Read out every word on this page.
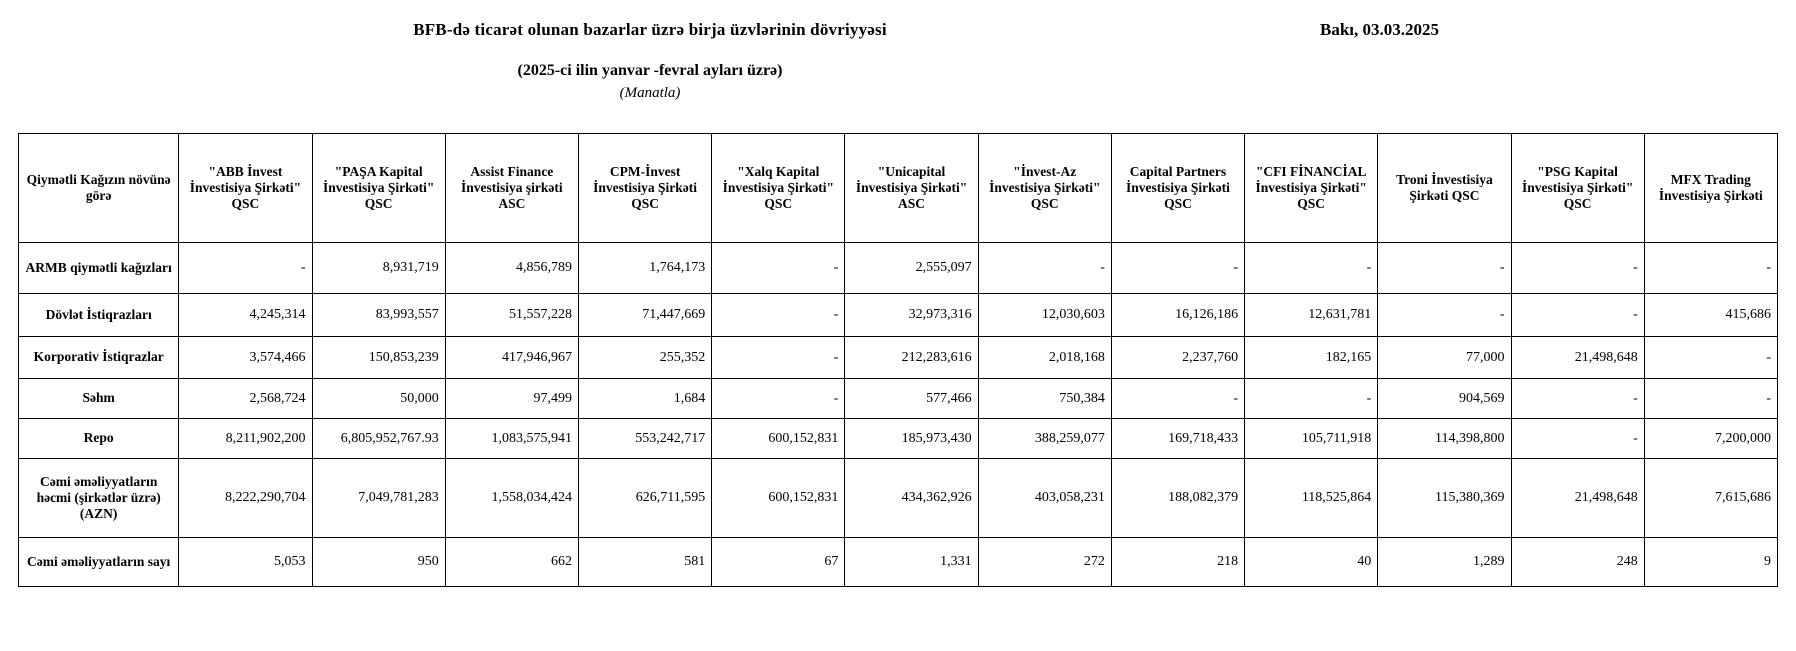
BFB-də ticarət olunan bazarlar üzrə birja üzvlərinin dövriyyəsi	Bakı, 03.03.2025
(2025-ci ilin yanvar -fevral ayları üzrə)
(Manatla)
Qiymətli Kağızın növünə görə	"ABB İnvest İnvestisiya Şirkəti" QSC	"PAŞA Kapital İnvestisiya Şirkəti" QSC	Assist Finance İnvestisiya şirkəti ASC	CPM-İnvest İnvestisiya Şirkəti QSC	"Xalq Kapital İnvestisiya Şirkəti" QSC	"Unicapital İnvestisiya Şirkəti" ASC	"İnvest-Az İnvestisiya Şirkəti" QSC	Capital Partners İnvestisiya Şirkəti QSC	"CFI FİNANCİAL İnvestisiya Şirkəti" QSC	Troni İnvestisiya Şirkəti QSC	"PSG Kapital İnvestisiya Şirkəti" QSC	MFX Trading İnvestisiya Şirkəti
ARMB qiymətli kağızları	-	8,931,719	4,856,789	1,764,173	-	2,555,097	-	-	-	-	-	-
Dövlət İstiqrazları	4,245,314	83,993,557	51,557,228	71,447,669	-	32,973,316	12,030,603	16,126,186	12,631,781	-	-	415,686
Korporativ İstiqrazlar	3,574,466	150,853,239	417,946,967	255,352	-	212,283,616	2,018,168	2,237,760	182,165	77,000	21,498,648	-
Səhm	2,568,724	50,000	97,499	1,684	-	577,466	750,384	-	-	904,569	-	-
Repo	8,211,902,200	6,805,952,767.93	1,083,575,941	553,242,717	600,152,831	185,973,430	388,259,077	169,718,433	105,711,918	114,398,800	-	7,200,000
Cəmi əməliyyatların həcmi (şirkətlər üzrə) (AZN)	8,222,290,704	7,049,781,283	1,558,034,424	626,711,595	600,152,831	434,362,926	403,058,231	188,082,379	118,525,864	115,380,369	21,498,648	7,615,686
Cəmi əməliyyatların sayı	5,053	950	662	581	67	1,331	272	218	40	1,289	248	9
